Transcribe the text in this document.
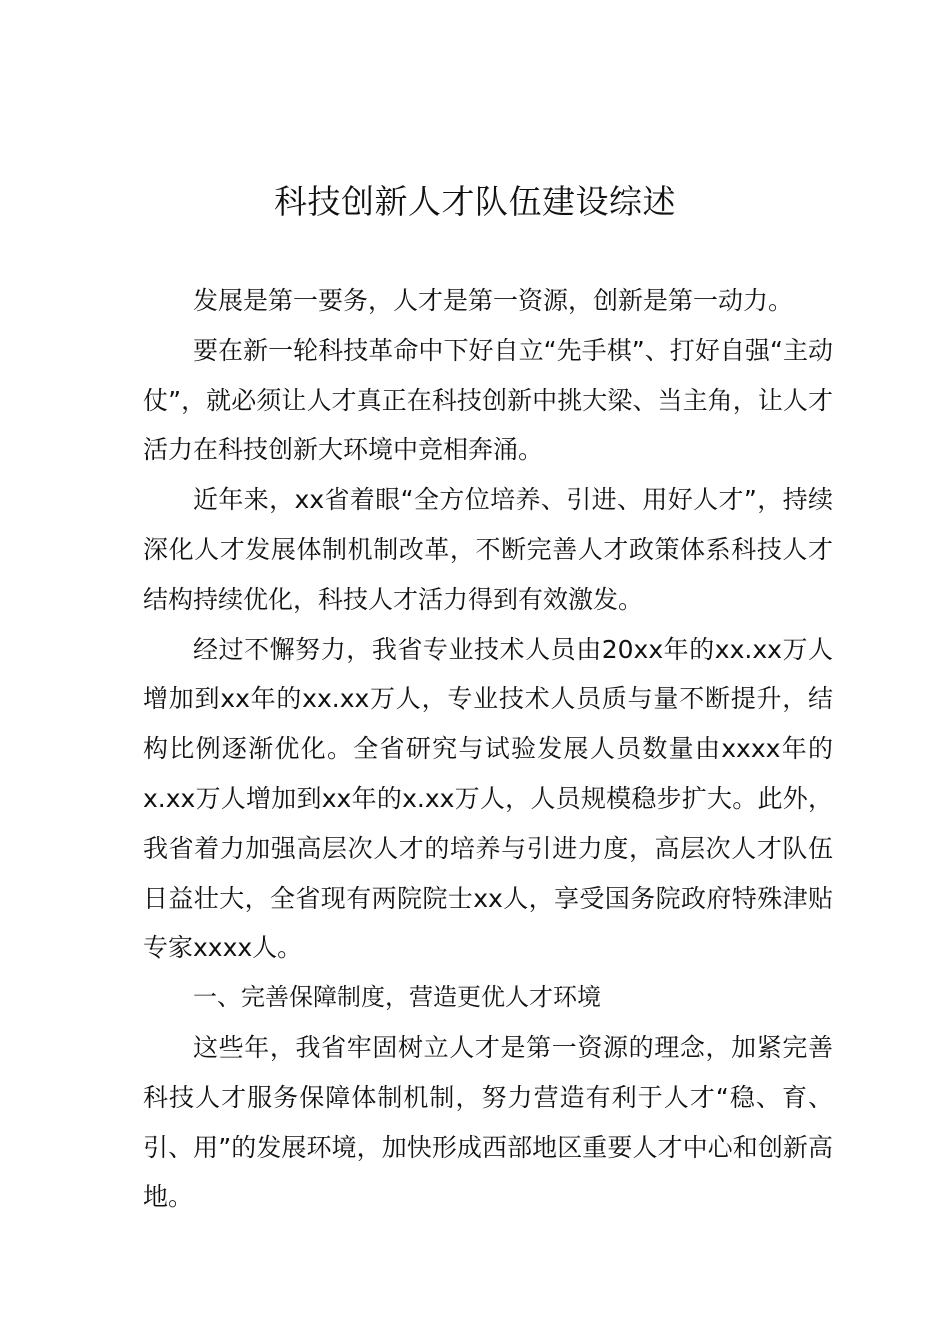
科技创新人才队伍建设综述

发展是第一要务，人才是第一资源，创新是第一动力。

要在新一轮科技革命中下好自立“先手棋”、打好自强“主动仗”，就必须让人才真正在科技创新中挑大梁、当主角，让人才活力在科技创新大环境中竞相奔涌。

近年来，xx省着眼“全方位培养、引进、用好人才”，持续深化人才发展体制机制改革，不断完善人才政策体系科技人才结构持续优化，科技人才活力得到有效激发。

经过不懈努力，我省专业技术人员由20xx年的xx.xx万人增加到xx年的xx.xx万人，专业技术人员质与量不断提升，结构比例逐渐优化。全省研究与试验发展人员数量由xxxx年的x.xx万人增加到xx年的x.xx万人，人员规模稳步扩大。此外，我省着力加强高层次人才的培养与引进力度，高层次人才队伍日益壮大，全省现有两院院士xx人，享受国务院政府特殊津贴专家xxxx人。

一、完善保障制度，营造更优人才环境

这些年，我省牢固树立人才是第一资源的理念，加紧完善科技人才服务保障体制机制，努力营造有利于人才“稳、育、引、用”的发展环境，加快形成西部地区重要人才中心和创新高地。
